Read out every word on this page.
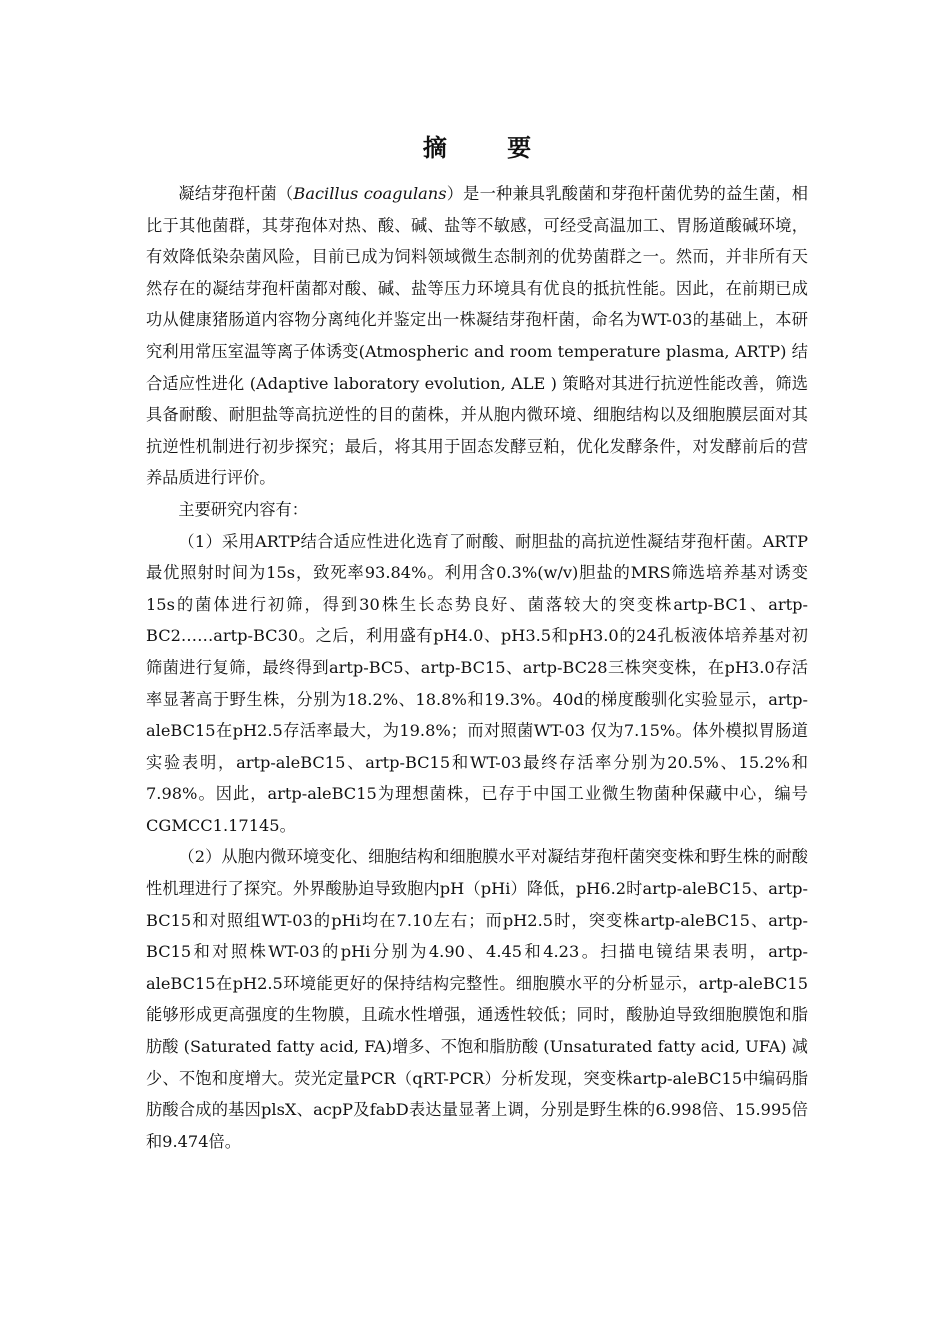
摘 要

凝结芽孢杆菌（Bacillus coagulans）是一种兼具乳酸菌和芽孢杆菌优势的益生菌，相比于其他菌群，其芽孢体对热、酸、碱、盐等不敏感，可经受高温加工、胃肠道酸碱环境，有效降低染杂菌风险，目前已成为饲料领域微生态制剂的优势菌群之一。然而，并非所有天然存在的凝结芽孢杆菌都对酸、碱、盐等压力环境具有优良的抵抗性能。因此，在前期已成功从健康猪肠道内容物分离纯化并鉴定出一株凝结芽孢杆菌，命名为WT-03的基础上，本研究利用常压室温等离子体诱变(Atmospheric and room temperature plasma, ARTP) 结合适应性进化 (Adaptive laboratory evolution, ALE ) 策略对其进行抗逆性能改善，筛选具备耐酸、耐胆盐等高抗逆性的目的菌株，并从胞内微环境、细胞结构以及细胞膜层面对其抗逆性机制进行初步探究；最后，将其用于固态发酵豆粕，优化发酵条件，对发酵前后的营养品质进行评价。

主要研究内容有：

（1）采用ARTP结合适应性进化选育了耐酸、耐胆盐的高抗逆性凝结芽孢杆菌。ARTP最优照射时间为15s，致死率93.84%。利用含0.3%(w/v)胆盐的MRS筛选培养基对诱变15s的菌体进行初筛，得到30株生长态势良好、菌落较大的突变株artp-BC1、artp-BC2……artp-BC30。之后，利用盛有pH4.0、pH3.5和pH3.0的24孔板液体培养基对初筛菌进行复筛，最终得到artp-BC5、artp-BC15、artp-BC28三株突变株，在pH3.0存活率显著高于野生株，分别为18.2%、18.8%和19.3%。40d的梯度酸驯化实验显示，artp-aleBC15在pH2.5存活率最大，为19.8%；而对照菌WT-03 仅为7.15%。体外模拟胃肠道实验表明，artp-aleBC15、artp-BC15和WT-03最终存活率分别为20.5%、15.2%和7.98%。因此，artp-aleBC15为理想菌株，已存于中国工业微生物菌种保藏中心，编号CGMCC1.17145。

（2）从胞内微环境变化、细胞结构和细胞膜水平对凝结芽孢杆菌突变株和野生株的耐酸性机理进行了探究。外界酸胁迫导致胞内pH（pHi）降低，pH6.2时artp-aleBC15、artp-BC15和对照组WT-03的pHi均在7.10左右；而pH2.5时，突变株artp-aleBC15、artp-BC15和对照株WT-03的pHi分别为4.90、4.45和4.23。扫描电镜结果表明，artp-aleBC15在pH2.5环境能更好的保持结构完整性。细胞膜水平的分析显示，artp-aleBC15能够形成更高强度的生物膜，且疏水性增强，通透性较低；同时，酸胁迫导致细胞膜饱和脂肪酸 (Saturated fatty acid, FA)增多、不饱和脂肪酸 (Unsaturated fatty acid, UFA) 减少、不饱和度增大。荧光定量PCR（qRT-PCR）分析发现，突变株artp-aleBC15中编码脂肪酸合成的基因plsX、acpP及fabD表达量显著上调，分别是野生株的6.998倍、15.995倍和9.474倍。
